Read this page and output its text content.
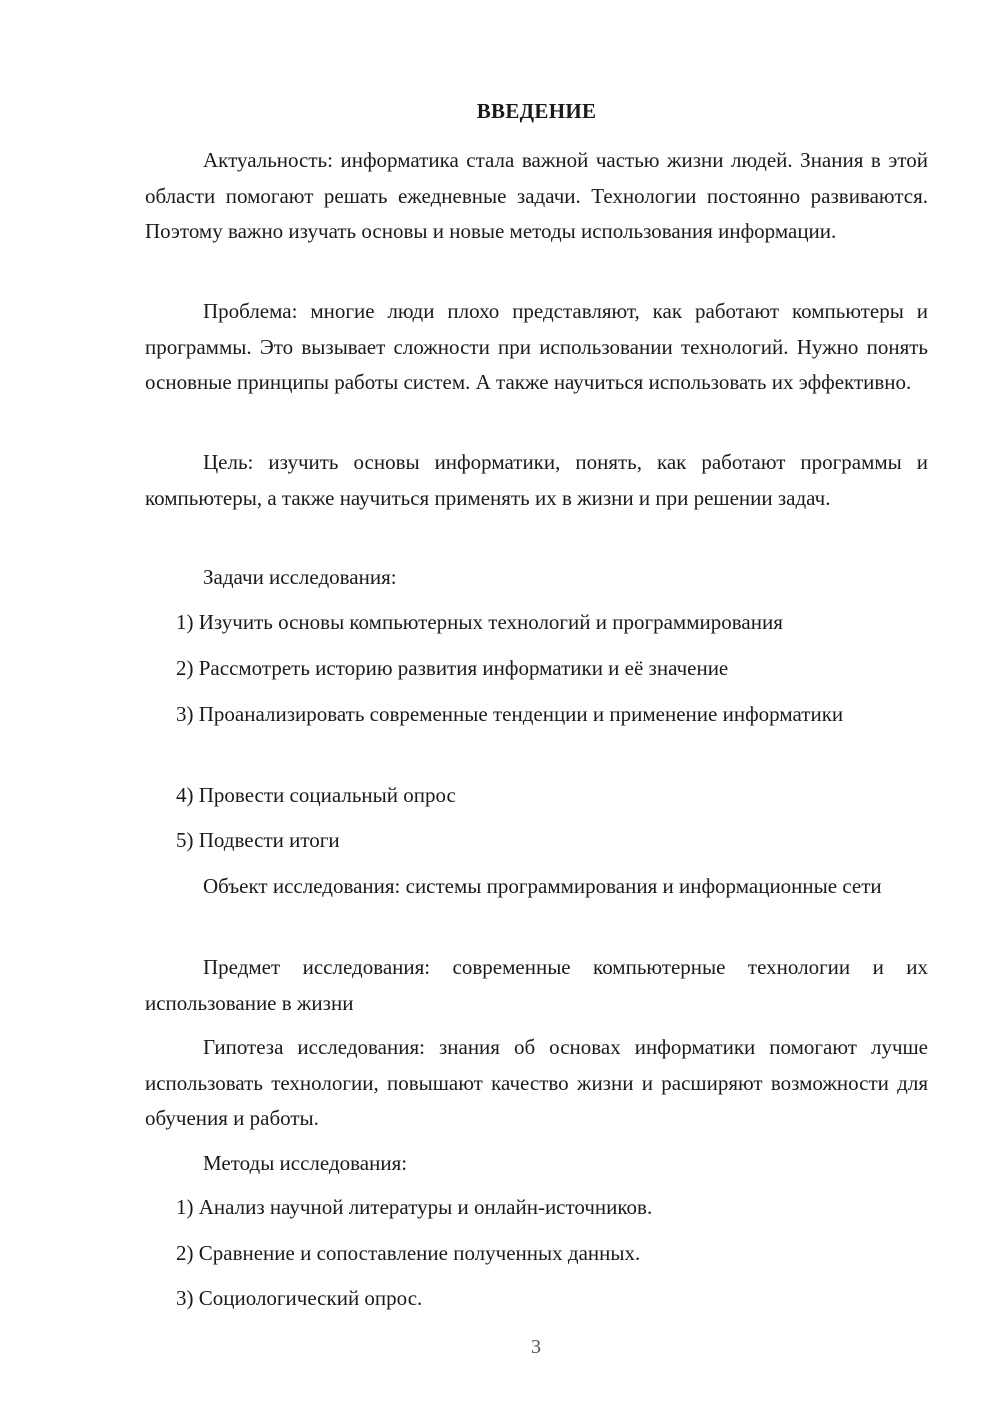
ВВЕДЕНИЕ
Актуальность: информатика стала важной частью жизни людей. Знания в этой области помогают решать ежедневные задачи. Технологии постоянно развиваются. Поэтому важно изучать основы и новые методы использования информации.
Проблема: многие люди плохо представляют, как работают компьютеры и программы. Это вызывает сложности при использовании технологий. Нужно понять основные принципы работы систем. А также научиться использовать их эффективно.
Цель: изучить основы информатики, понять, как работают программы и компьютеры, а также научиться применять их в жизни и при решении задач.
Задачи исследования:
1) Изучить основы компьютерных технологий и программирования
2) Рассмотреть историю развития информатики и её значение
3) Проанализировать современные тенденции и применение информатики
4) Провести социальный опрос
5) Подвести итоги
Объект исследования: системы программирования и информационные сети
Предмет исследования: современные компьютерные технологии и их использование в жизни
Гипотеза исследования: знания об основах информатики помогают лучше использовать технологии, повышают качество жизни и расширяют возможности для обучения и работы.
Методы исследования:
1) Анализ научной литературы и онлайн-источников.
2) Сравнение и сопоставление полученных данных.
3) Социологический опрос.
3
